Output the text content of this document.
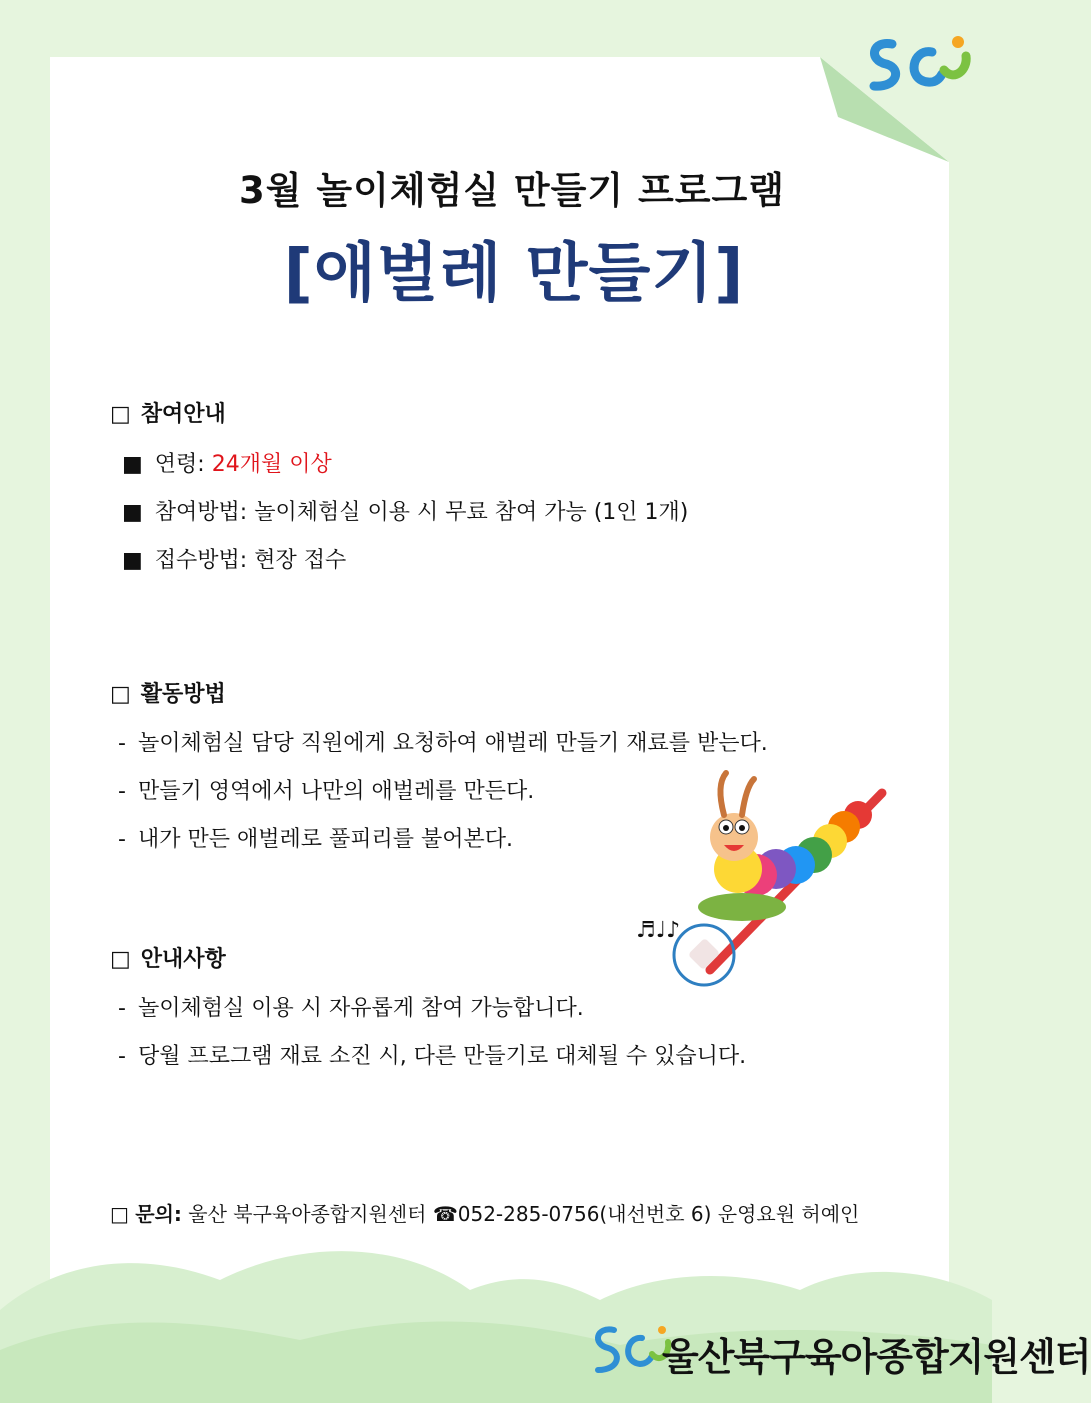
3월 놀이체험실 만들기 프로그램
[애벌레 만들기]
□ 참여안내
■ 연령: 24개월 이상
■ 참여방법: 놀이체험실 이용 시 무료 참여 가능 (1인 1개)
■ 접수방법: 현장 접수
□ 활동방법
- 놀이체험실 담당 직원에게 요청하여 애벌레 만들기 재료를 받는다.
- 만들기 영역에서 나만의 애벌레를 만든다.
- 내가 만든 애벌레로 풀피리를 불어본다.
□ 안내사항
- 놀이체험실 이용 시 자유롭게 참여 가능합니다.
- 당월 프로그램 재료 소진 시, 다른 만들기로 대체될 수 있습니다.
♬♩♪
□ 문의: 울산 북구육아종합지원센터 ☎052-285-0756(내선번호 6) 운영요원 허예인
울산북구육아종합지원센터
